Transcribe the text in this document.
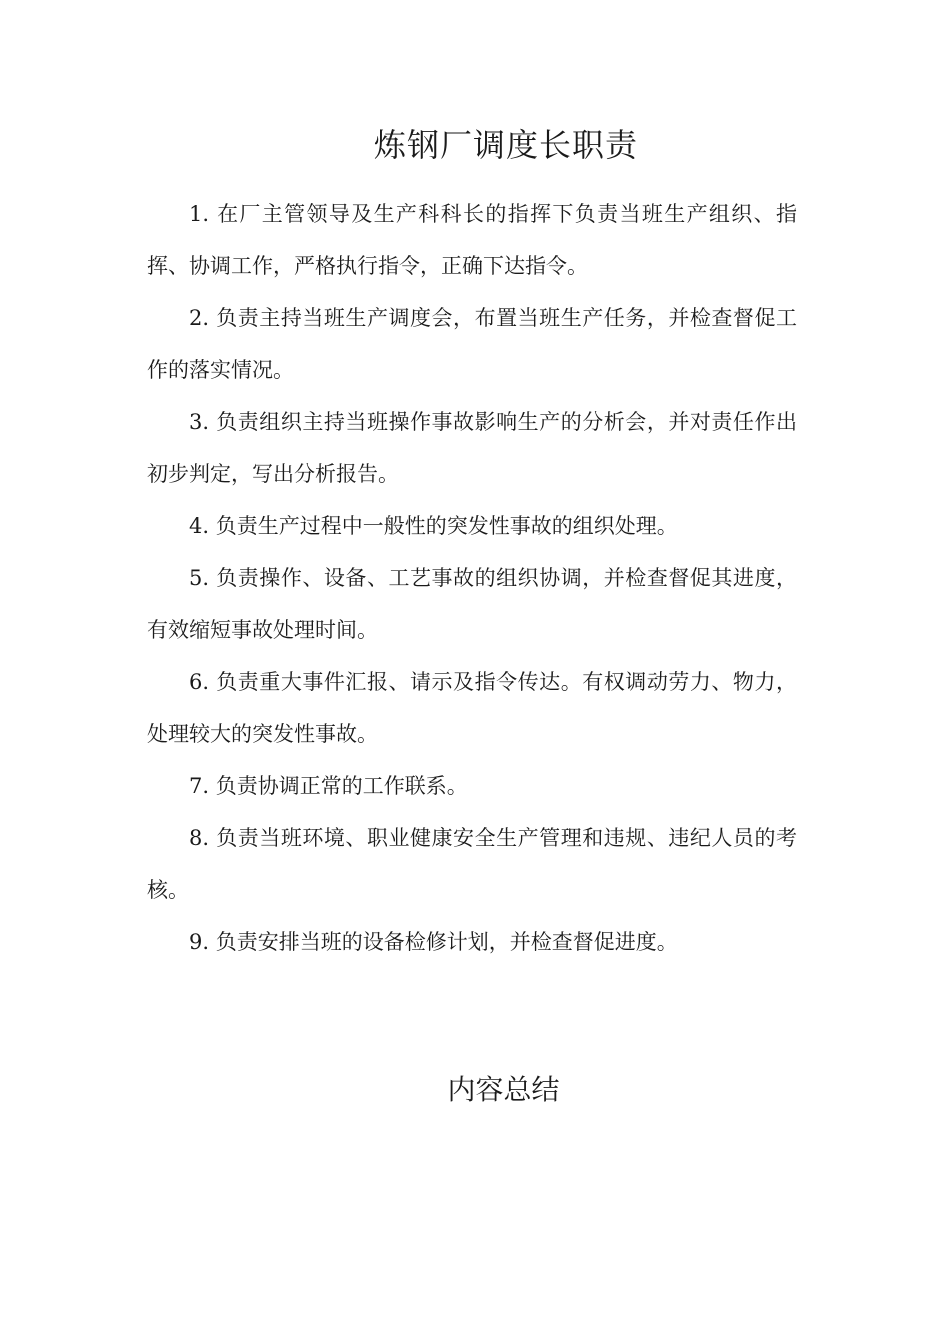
炼钢厂调度长职责

1. 在厂主管领导及生产科科长的指挥下负责当班生产组织、指挥、协调工作，严格执行指令，正确下达指令。

2. 负责主持当班生产调度会，布置当班生产任务，并检查督促工作的落实情况。

3. 负责组织主持当班操作事故影响生产的分析会，并对责任作出初步判定，写出分析报告。

4. 负责生产过程中一般性的突发性事故的组织处理。

5. 负责操作、设备、工艺事故的组织协调，并检查督促其进度，有效缩短事故处理时间。

6. 负责重大事件汇报、请示及指令传达。有权调动劳力、物力，处理较大的突发性事故。

7. 负责协调正常的工作联系。

8. 负责当班环境、职业健康安全生产管理和违规、违纪人员的考核。

9. 负责安排当班的设备检修计划，并检查督促进度。

内容总结
